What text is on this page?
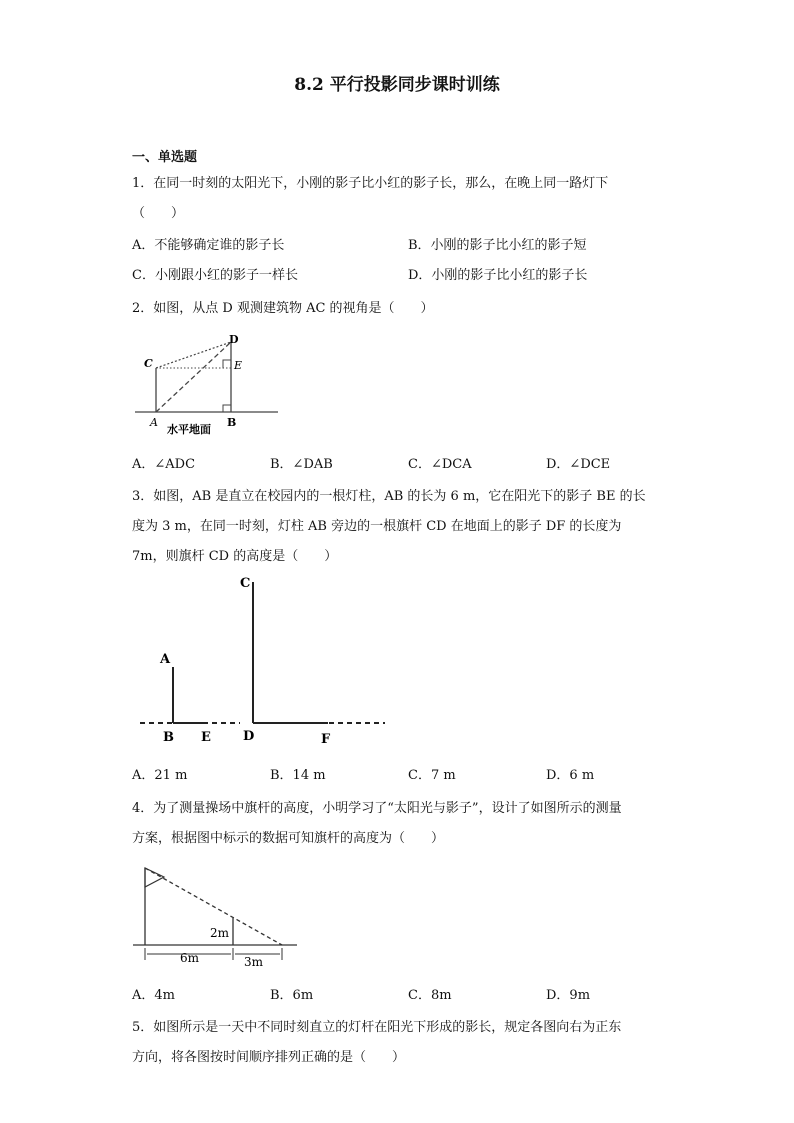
8.2 平行投影同步课时训练
一、单选题
1．在同一时刻的太阳光下，小刚的影子比小红的影子长，那么，在晚上同一路灯下
（　　）
A．不能够确定谁的影子长	B．小刚的影子比小红的影子短
C．小刚跟小红的影子一样长	D．小刚的影子比小红的影子长
2．如图，从点 D 观测建筑物 AC 的视角是（　　）
C
D
E
A	B
水平地面
A．∠ADC	B．∠DAB	C．∠DCA	D．∠DCE
3．如图，AB 是直立在校园内的一根灯柱，AB 的长为 6 m，它在阳光下的影子 BE 的长
度为 3 m，在同一时刻，灯柱 AB 旁边的一根旗杆 CD 在地面上的影子 DF 的长度为
7m，则旗杆 CD 的高度是（　　）
C
A
B E D	F
A．21 m	B．14 m	C．7 m	D．6 m
4．为了测量操场中旗杆的高度，小明学习了“太阳光与影子”，设计了如图所示的测量
方案，根据图中标示的数据可知旗杆的高度为（　　）
2m
6m	3m
A．4m	B．6m	C．8m	D．9m
5．如图所示是一天中不同时刻直立的灯杆在阳光下形成的影长，规定各图向右为正东
方向，将各图按时间顺序排列正确的是（　　）
